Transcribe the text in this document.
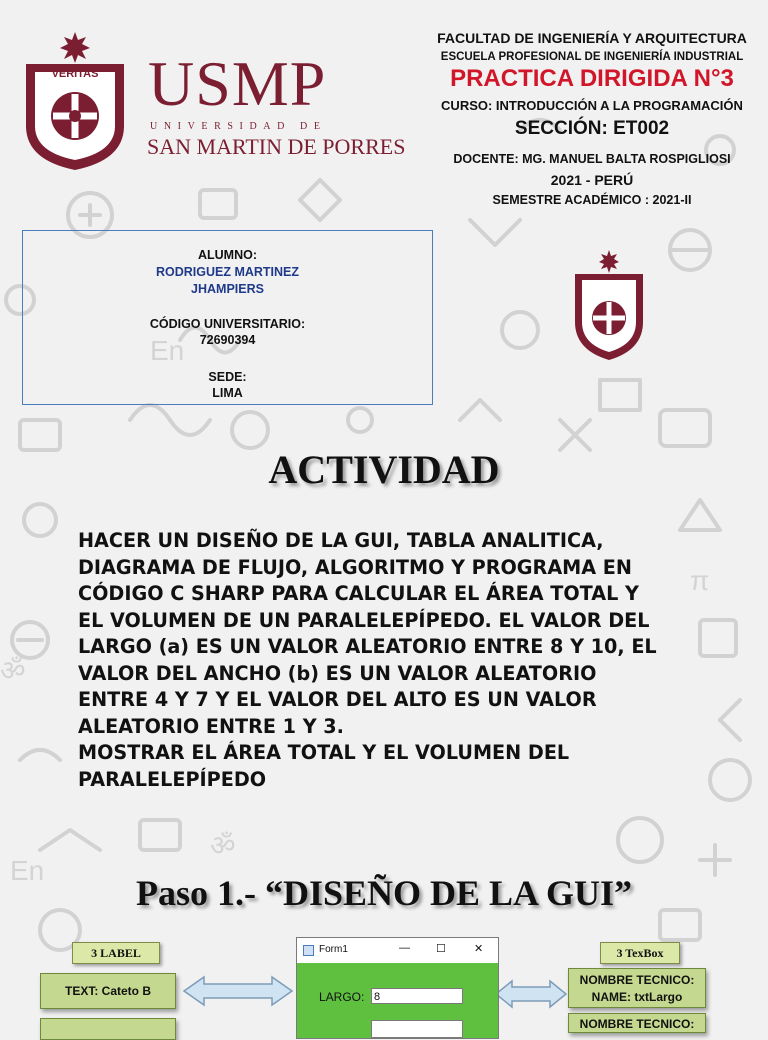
En
En
ॐ
ॐ
π
VERITAS USMP
UNIVERSIDAD DE
SAN MARTIN DE PORRES
FACULTAD DE INGENIERÍA Y ARQUITECTURA
ESCUELA PROFESIONAL DE INGENIERÍA INDUSTRIAL
PRACTICA DIRIGIDA N°3
CURSO: INTRODUCCIÓN A LA PROGRAMACIÓN
SECCIÓN: ET002
DOCENTE: MG. MANUEL BALTA ROSPIGLIOSI
2021 - PERÚ
SEMESTRE ACADÉMICO : 2021-II
ALUMNO:
RODRIGUEZ MARTINEZ
JHAMPIERS
CÓDIGO UNIVERSITARIO:
72690394
SEDE:
LIMA
ACTIVIDAD
HACER UN DISEÑO DE LA GUI, TABLA ANALITICA,
DIAGRAMA DE FLUJO, ALGORITMO Y PROGRAMA EN
CÓDIGO C SHARP PARA CALCULAR EL ÁREA TOTAL Y
EL VOLUMEN DE UN PARALELEPÍPEDO. EL VALOR DEL
LARGO (a) ES UN VALOR ALEATORIO ENTRE 8 Y 10, EL
VALOR DEL ANCHO (b) ES UN VALOR ALEATORIO
ENTRE 4 Y 7 Y EL VALOR DEL ALTO ES UN VALOR
ALEATORIO ENTRE 1 Y 3.
MOSTRAR EL ÁREA TOTAL Y EL VOLUMEN DEL
PARALELEPÍPEDO
Paso 1.- “DISEÑO DE LA GUI”
3 LABEL	3 TexBox
TEXT: Cateto B
NOMBRE TECNICO:
NAME: txtLargo
NOMBRE TECNICO:
Form1	— ☐	✕
LARGO: 8
